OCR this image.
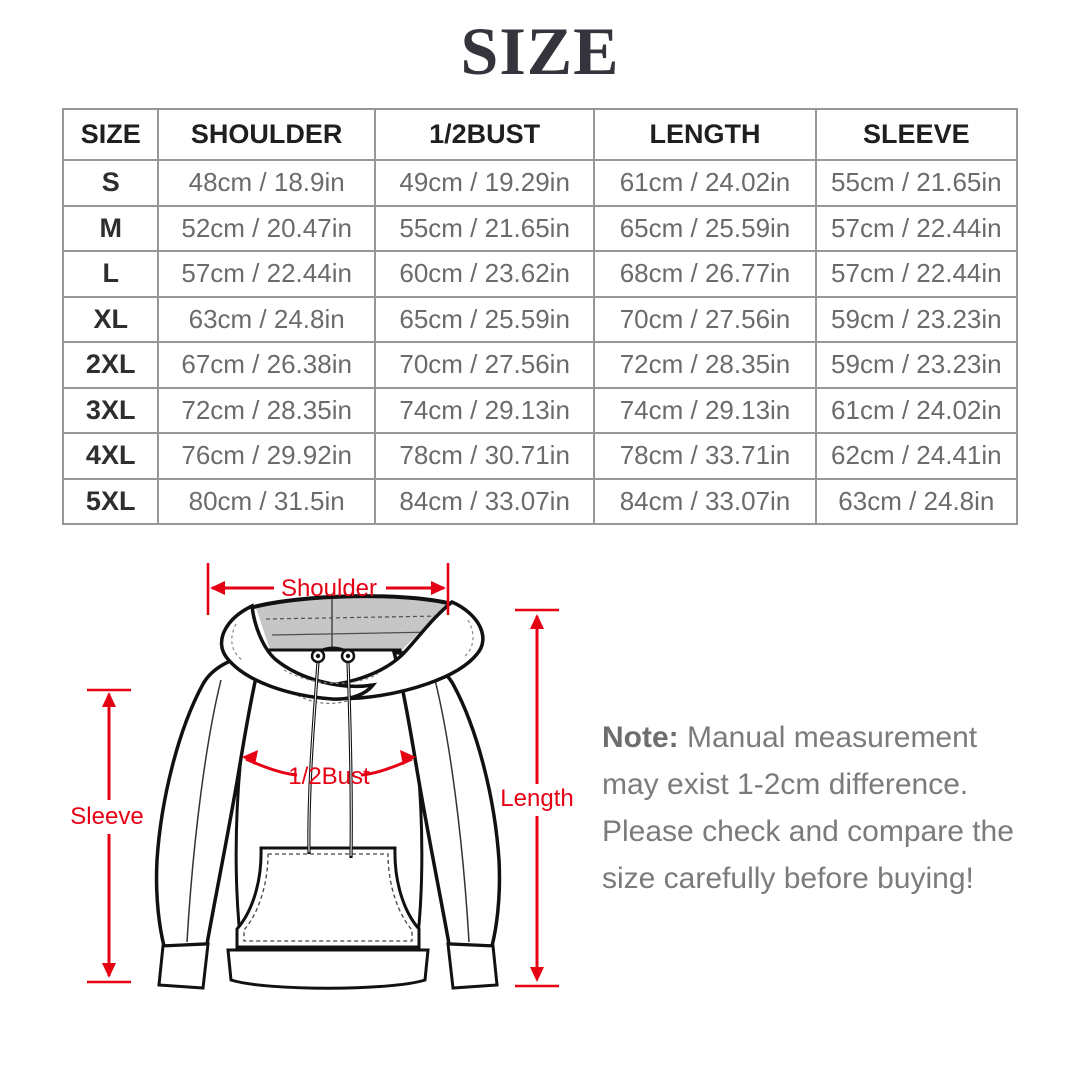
SIZE
SIZE	SHOULDER	1/2BUST	LENGTH	SLEEVE
S	48cm / 18.9in	49cm / 19.29in	61cm / 24.02in	55cm / 21.65in
M	52cm / 20.47in	55cm / 21.65in	65cm / 25.59in	57cm / 22.44in
L	57cm / 22.44in	60cm / 23.62in	68cm / 26.77in	57cm / 22.44in
XL	63cm / 24.8in	65cm / 25.59in	70cm / 27.56in	59cm / 23.23in
2XL	67cm / 26.38in	70cm / 27.56in	72cm / 28.35in	59cm / 23.23in
3XL	72cm / 28.35in	74cm / 29.13in	74cm / 29.13in	61cm / 24.02in
4XL	76cm / 29.92in	78cm / 30.71in	78cm / 33.71in	62cm / 24.41in
5XL	80cm / 31.5in	84cm / 33.07in	84cm / 33.07in	63cm / 24.8in
Shoulder
Sleeve
Length
1/2Bust
Note: Manual measurement may exist 1-2cm difference. Please check and compare the size carefully before buying!
